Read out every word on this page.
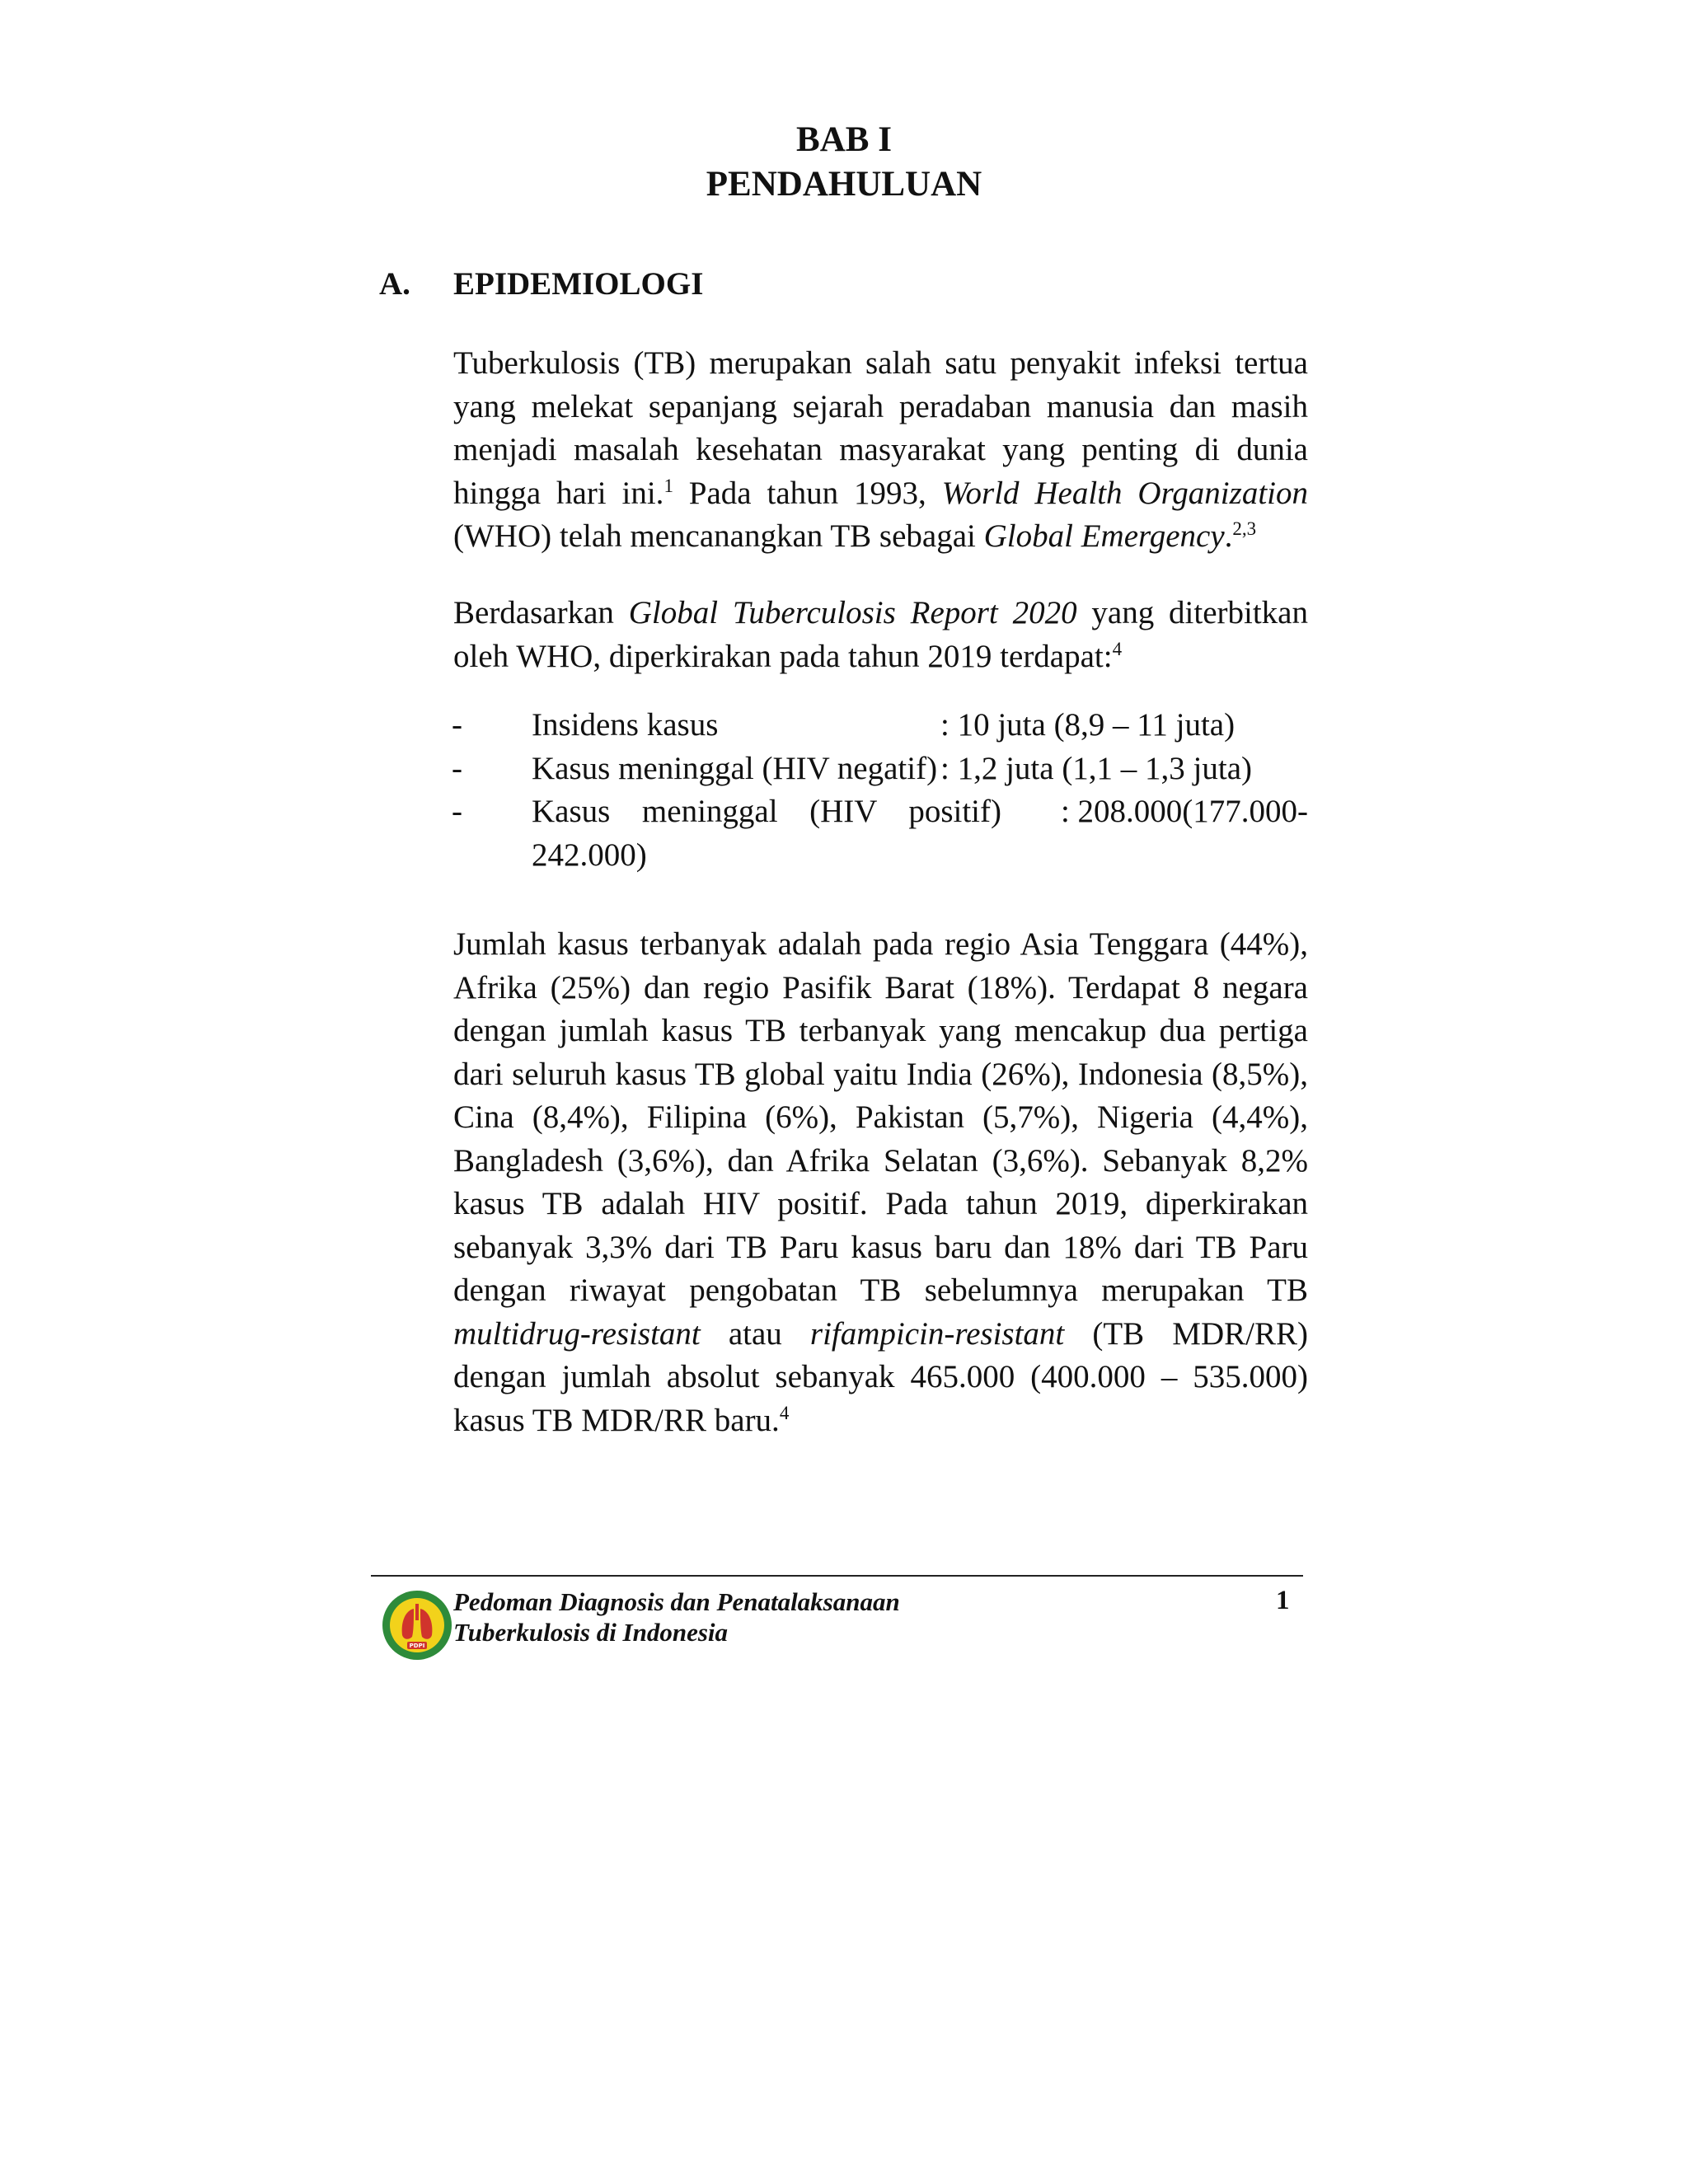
BAB I
PENDAHULUAN
A. EPIDEMIOLOGI
Tuberkulosis (TB) merupakan salah satu penyakit infeksi tertua yang melekat sepanjang sejarah peradaban manusia dan masih menjadi masalah kesehatan masyarakat yang penting di dunia hingga hari ini.$^1$ Pada tahun 1993, World Health Organization (WHO) telah mencanangkan TB sebagai Global Emergency.$^{2,3}$
Berdasarkan Global Tuberculosis Report 2020 yang diterbitkan oleh WHO, diperkirakan pada tahun 2019 terdapat:$^4$
- Insidens kasus	: 10 juta (8,9 – 11 juta)
- Kasus meninggal (HIV negatif) : 1,2 juta (1,1 – 1,3 juta)
- Kasus meninggal (HIV positif)	: 208.000(177.000-
242.000)
Jumlah kasus terbanyak adalah pada regio Asia Tenggara (44%), Afrika (25%) dan regio Pasifik Barat (18%). Terdapat 8 negara dengan jumlah kasus TB terbanyak yang mencakup dua pertiga dari seluruh kasus TB global yaitu India (26%), Indonesia (8,5%), Cina (8,4%), Filipina (6%), Pakistan (5,7%), Nigeria (4,4%), Bangladesh (3,6%), dan Afrika Selatan (3,6%). Sebanyak 8,2% kasus TB adalah HIV positif. Pada tahun 2019, diperkirakan sebanyak 3,3% dari TB Paru kasus baru dan 18% dari TB Paru dengan riwayat pengobatan TB sebelumnya merupakan TB multidrug-resistant atau rifampicin-resistant (TB MDR/RR) dengan jumlah absolut sebanyak 465.000 (400.000 – 535.000) kasus TB MDR/RR baru.$^4$
PDPI
Pedoman Diagnosis dan Penatalaksanaan
Tuberkulosis di Indonesia
1
